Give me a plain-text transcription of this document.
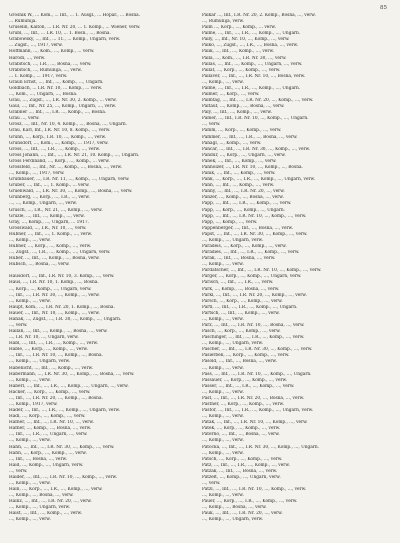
85
Grosnik W., ... Kom., ... Inf., ... 1. Ausgl., ... Hopar., ... Bosna.
... Rumunija.
Gruselin, Kaiton, ... I.R. Nr. 20, ... 1. Komp., ... Wiener, verw.
Grubl, ..., Inf., ... I.R. 10, ... 1. Bosn., ..., Bosna.
Grabowsky, ..., Inf., ... 11., ... Komp., Ungarn, verw.
... Zugsf., ..., 1917, verw.
Hoffmann, ..., Kom., ..., Komp., ... verw.
Harodi, ..., verw.
Grabitsch, ..., I.R., ..., Bosna, ..., verw.
Orabitsch, ..., Rumunija, ..., verw.
... 1. Komp., ... 1917, verw.
Graun Ernst, ..., Inf., ..., Komp., ..., Ungarn.
Goldbach, ... I.R. Nr. 10, ... Komp., ... verw.
..., Kom., ..., Ungarn, ..., Bosna.
Grau, ..., Zugsf., ..., I.R. Nr. 30, 2. Komp., ... verw.
Gaul, ..., Inf., Nr. 25, ..., Komp., Ungarn, ..., verw.
Grabner ..., Inf., ..., I.R. ..., Komp., ..., Bosna.
Grau ..., verw.
Grosz, ..., Inf., Nr. 10, 4. Komp., ..., Bosna, ..., Ungarn.
Grau, Karl, Inf., I.R. Nr. 10, 8. Komp., ..., verw.
Grunn, ..., Korp., I.R. 10, ..., Komp., ..., verw.
Grunsdorf, ..., Kom., ..., Komp., ... 1917, verw.
Gross, ..., Inf., ..., I.R., ..., Komp., ..., verw.
Gross Johann, ..., Inf., ..., I.R. Nr. 21, 10. Komp., ..., Ungarn.
Gross Ferdinand, ..., Korp., ..., Komp., ... verw.
Grossfeld, ..., Inf., Nr. ..., Komp., ..., Bosna, ..., verw.
..., Komp., ..., 1917, verw.
Grumbauer, ..., I.R. Nr. 11, ..., Komp., ..., Ungarn, verw.
Gruber, ..., Inf., ..., 1. Komp., ... verw.
Gruenwald, ..., I.R. Nr. 30, ..., Komp., ..., Bosna, ..., verw.
Grunberg, ..., Korp., ..., I.R., ..., verw.
..., ..., Komp., Ungarn, ..., verw.
Grusch, ..., I.R., Nr. 21, ..., Komp., ..., verw.
Gruzle, ..., Inf., ..., Komp., ..., verw.
Gray, ..., Komp., ..., Ungarn, ... 1917.
Grosswald, ..., I.R., Nr. 10, ..., verw.
Hubner, ..., Inf., ..., 1. Komp., ..., verw.
..., Komp., ..., verw.
Hubner, ..., Korp., ..., Komp., ..., verw.
..., Zugsf., ..., I.R., ..., Komp., ..., Ungarn, verw.
Huber, ..., Inf., ..., Komp., ..., Bosna, verw.
Hubsch, ..., Bosna, ..., verw.
Hausdorf, ..., Inf., I.R. Nr. 10, 3. Komp., ..., verw.
Haus, ..., I.R. Nr. 10, 1. Komp., ..., Bosna.
..., Korp., ..., Komp., ..., Ungarn, verw.
..., Inf., ..., I.R. Nr. 30, ..., Komp., ..., verw.
..., Komp., ..., verw.
Haupt, Kom., ..., I.R. Nr. 20, 1. Komp., ..., Bosna.
Hauer, ..., Inf., Nr. 10, ..., Komp., ..., verw.
Hanak, ..., Zugsf., ..., I.R. 30, ..., Komp., ..., Ungarn.
..., verw.
Hallan, ..., Inf., ..., Komp., ..., Bosna, ..., verw.
..., I.R. Nr. 10, ..., Ungarn, verw.
Habl, ..., Inf., ..., I.R., ..., Komp., ..., verw.
Hable, ..., Korp., ..., Komp., ..., verw.
..., Inf., ..., I.R. Nr. 10, ..., Komp., ..., Bosna.
..., Komp., ..., Ungarn, verw.
Habenicht, ..., Inf., ..., Komp., ..., verw.
Habermann, ..., I.R. Nr. 30, ..., Komp., ..., Bosna, ..., verw.
..., Komp., ..., verw.
Haberl, ..., Inf., ..., I.R., ..., Komp., ..., Ungarn, ..., verw.
Hacker, ..., Korp., ..., Komp., ..., verw.
..., Inf., ..., I.R. Nr. 20, ..., Komp., ..., Bosna.
..., Komp., 1917, verw.
Hader, ..., Inf., ..., I.R., ..., Komp., ..., Ungarn, verw.
Hadl, ..., Korp., ..., Komp., ..., verw.
Hafner, ..., Inf., ..., I.R. Nr. 10, ..., verw.
Hafner, ..., Komp., ..., Bosna, ..., verw.
..., Inf., ..., I.R., ..., Ungarn, ..., verw.
..., Komp., ..., verw.
Hahn, ..., Inf., ..., I.R. Nr. 30, ..., Komp., ..., verw.
Hahn, ..., Korp., ..., Komp., ..., verw.
..., Inf., ..., Bosna, ..., verw.
Haid, ..., Komp., ..., Ungarn, verw.
..., verw.
Haider, ..., Inf., ..., I.R. Nr. 10, ..., Komp., ..., verw.
..., Komp., ..., verw.
Hain, ..., Korp., ..., I.R., ..., Komp., ..., verw.
..., Komp., ..., Bosna, ..., verw.
Hainz, ..., Inf., ..., I.R. Nr. 20, ..., verw.
..., Komp., ..., Ungarn, verw.
Haist, ..., Inf., ..., Komp., ..., verw.
..., Komp., ..., verw.
Palkar ..., Inf., I.R. Nr. 20, 2. Komp., Bosna, ..., verw.
..., Rumunija, verw.
Palm ..., Korp., ..., Komp., ... verw.
Palme, ..., Inf., ..., I.R., ..., Komp., ..., Ungarn.
Pally, ..., Inf., Nr. 10, ..., Komp., ..., verw.
Palko, ..., Zugsf., ..., I.R., ..., Bosna, ..., verw.
Palik, ..., Inf., ..., Komp., ..., verw.
Palla, ..., Kom., ..., I.R. Nr. 30, ..., verw.
Pallas, ..., Inf., ..., Komp., ..., Ungarn, ..., verw.
Pallat, ..., Korp., ..., Komp., ..., verw.
Pallaver, ..., Inf., ..., I.R. Nr. 10, ..., Bosna, verw.
..., Komp., ..., verw.
Palme, ..., Inf., ..., I.R., ..., Komp., ..., Ungarn.
Palmer, ..., Korp., ..., verw.
Palmtag, ..., Inf., ..., I.R. Nr. 20, ..., Komp., ..., verw.
Paltauf, ..., Komp., ..., Bosna, ..., verw.
Paly, ..., Inf., ..., Komp., ..., verw.
Pamer, ..., Inf., I.R. Nr. 10, ..., Komp., ..., Ungarn.
..., verw.
Pamm, ..., Korp., ..., Komp., ..., verw.
Pammer, ..., Inf., ..., I.R., ..., Bosna, ..., verw.
Panagl, ..., Komp., ..., verw.
Pancar, ..., Inf., ..., I.R. Nr. 30, ..., Komp., ..., verw.
Pandur, ..., Korp., ..., Ungarn, ..., verw.
Panek, ..., Inf., ..., Komp., ..., verw.
Panholzer, ..., I.R. Nr. 10, ..., Komp., ..., Bosna.
Panik, ..., Inf., ..., Komp., ..., verw.
Pank, ..., Korp., ..., I.R., ..., Komp., ..., Ungarn, verw.
Pann, ..., Inf., ..., Komp., ..., verw.
Panny, ..., Inf., ..., I.R. Nr. 20, ..., verw.
Panzer, ..., Komp., ..., Bosna, ..., verw.
Papp, ..., Inf., ..., I.R., ..., Komp., ..., verw.
Papp, ..., Korp., ..., Komp., ..., Ungarn.
Papp, ..., Inf., ..., I.R. Nr. 10, ..., Komp., ..., verw.
Papp, ..., Komp., ..., verw.
Pappenberger, ..., Inf., ..., Bosna, ..., verw.
Papst, ..., Inf., ..., I.R. Nr. 30, ..., Komp., ..., verw.
..., Komp., ..., Ungarn, verw.
Paradeis, ..., Korp., ..., Komp., ..., verw.
Paradies, ..., Inf., ..., I.R., ..., Komp., ..., verw.
Parak, ..., Inf., ..., Bosna, ..., verw.
..., Komp., ..., verw.
Pardatscher, ..., Inf., ..., I.R. Nr. 10, ..., Komp., ..., verw.
Parger, ..., Korp., ..., Komp., ..., Ungarn, verw.
Parisch, ..., Inf., ..., I.R., ..., verw.
Park, ..., Komp., ..., Bosna, ..., verw.
Parkl, ..., Inf., ..., I.R. Nr. 20, ..., Komp., ..., verw.
Parsch, ..., Korp., ..., Komp., ..., verw.
Partl, ..., Inf., ..., I.R., ..., Komp., ..., Ungarn.
Partsch, ..., Inf., ..., Komp., ..., verw.
..., Komp., ..., verw.
Parz, ..., Inf., ..., I.R. Nr. 10, ..., Bosna, ..., verw.
Pasch, ..., Korp., ..., Komp., ..., verw.
Paschinger, ..., Inf., ..., I.R., ..., Komp., ..., verw.
..., Komp., ..., Ungarn, verw.
Pascher, ..., Inf., ..., I.R. Nr. 30, ..., Komp., ..., verw.
Pasierbek, ..., Korp., ..., Komp., ..., verw.
Pasold, ..., Inf., ..., Bosna, ..., verw.
..., Komp., ..., verw.
Pass, ..., Inf., ..., I.R. Nr. 10, ..., Komp., ..., Ungarn.
Passauer, ..., Korp., ..., Komp., ..., verw.
Passer, ..., Inf., ..., I.R., ..., Komp., ..., verw.
..., Komp., ..., verw.
Past, ..., Inf., ..., I.R. Nr. 20, ..., Bosna, ..., verw.
Pastner, ..., Korp., ..., Komp., ..., verw.
Pastor, ..., Inf., ..., I.R., ..., Komp., ..., Ungarn, verw.
..., Komp., ..., verw.
Patak, ..., Inf., ..., I.R. Nr. 10, ..., Komp., ..., verw.
Patek, ..., Korp., ..., Komp., ..., verw.
Paterno, ..., Inf., ..., Bosna, ..., verw.
..., Komp., ..., verw.
Patocka, ..., Inf., ..., I.R. Nr. 30, ..., Komp., ..., Ungarn.
..., Komp., ..., verw.
Patsch, ..., Korp., ..., Komp., ..., verw.
Patz, ..., Inf., ..., I.R., ..., Komp., ..., verw.
Patzak, ..., Inf., ..., Bosna, ..., verw.
Patzelt, ..., Komp., ..., Ungarn, verw.
..., verw.
Patzl, ..., Inf., ..., I.R. Nr. 10, ..., Komp., ..., verw.
..., Komp., ..., verw.
Pauer, ..., Korp., ..., I.R., ..., Komp., ..., verw.
..., Komp., ..., Bosna, ..., verw.
Pauk, ..., Inf., ..., I.R. Nr. 20, ..., verw.
..., Komp., ..., Ungarn, verw.
